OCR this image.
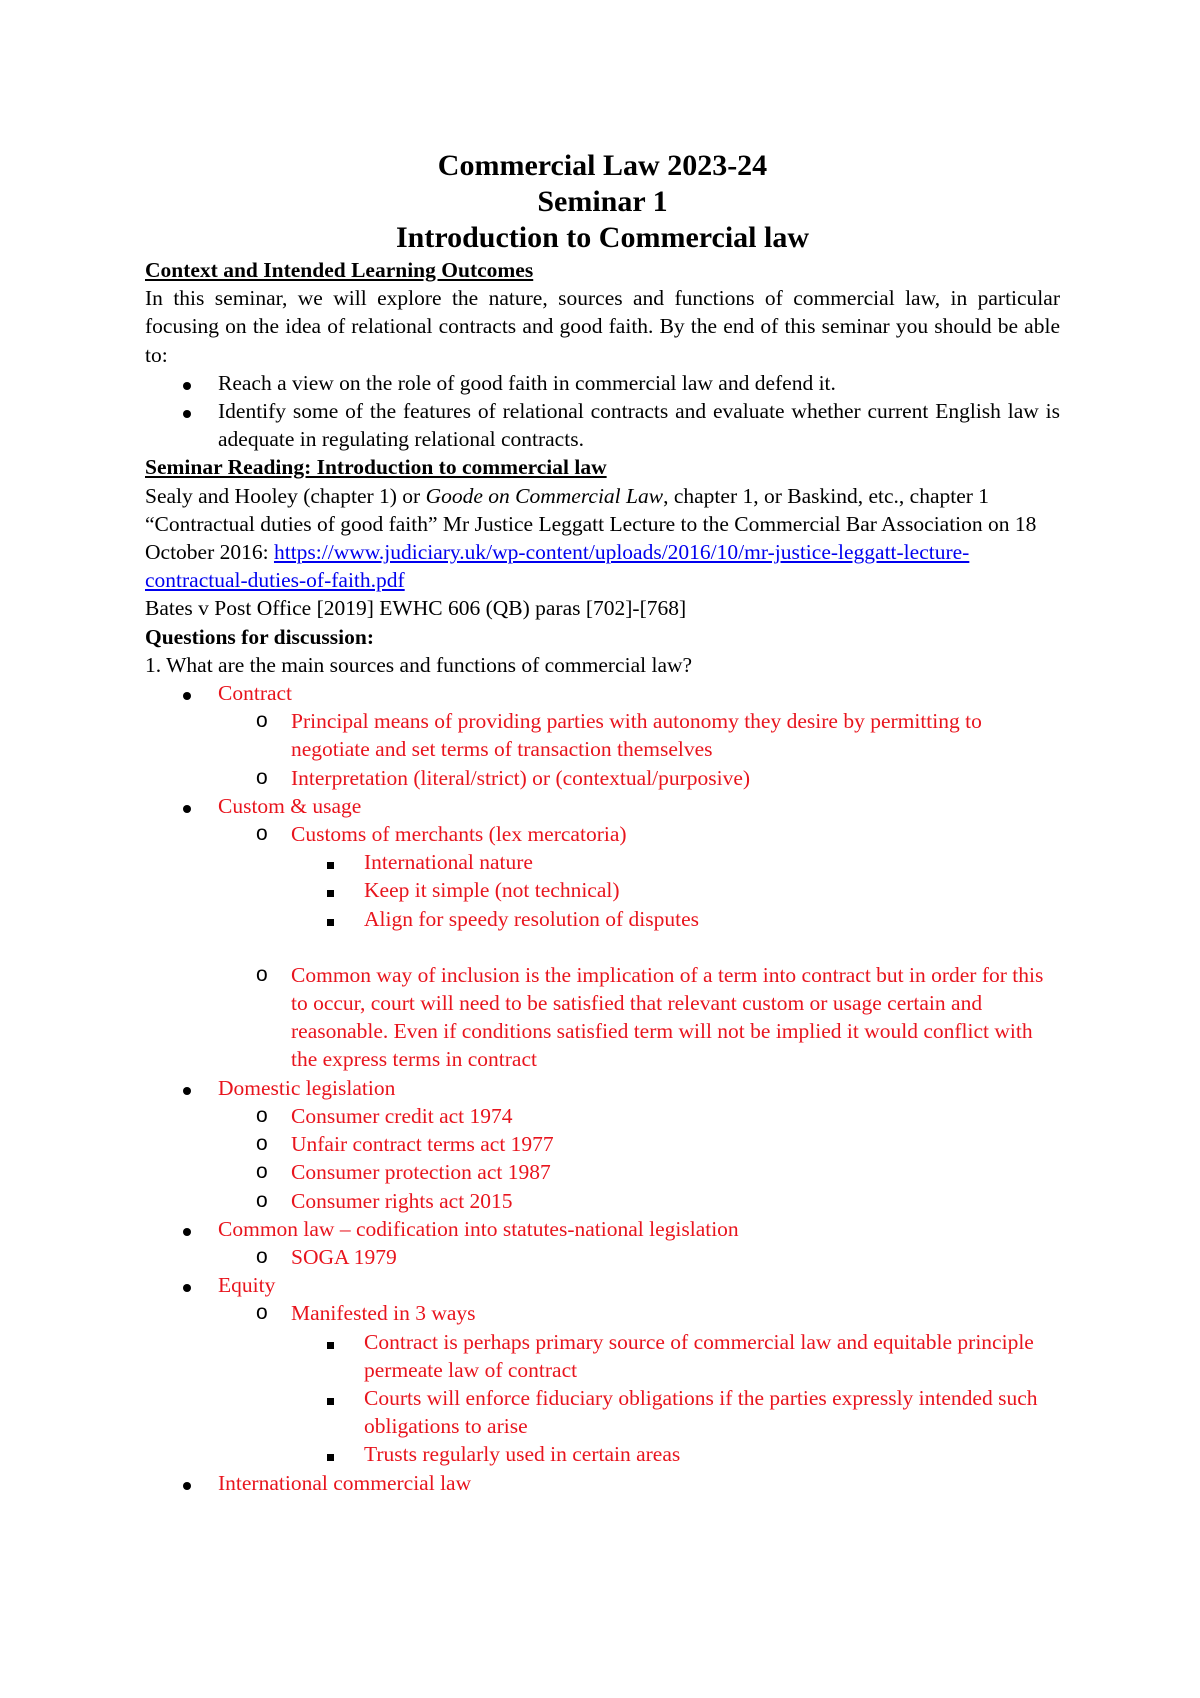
Commercial Law 2023-24
Seminar 1
Introduction to Commercial law

Context and Intended Learning Outcomes

In this seminar, we will explore the nature, sources and functions of commercial law, in particular focusing on the idea of relational contracts and good faith. By the end of this seminar you should be able to:

Reach a view on the role of good faith in commercial law and defend it.
Identify some of the features of relational contracts and evaluate whether current English law is adequate in regulating relational contracts.

Seminar Reading: Introduction to commercial law

Sealy and Hooley (chapter 1) or Goode on Commercial Law, chapter 1, or Baskind, etc., chapter 1

“Contractual duties of good faith” Mr Justice Leggatt Lecture to the Commercial Bar Association on 18 October 2016: https://www.judiciary.uk/wp-content/uploads/2016/10/mr-justice-leggatt-lecture-contractual-duties-of-faith.pdf

Bates v Post Office [2019] EWHC 606 (QB) paras [702]-[768]

Questions for discussion:

1. What are the main sources and functions of commercial law?

Contract
o Principal means of providing parties with autonomy they desire by permitting to negotiate and set terms of transaction themselves
o Interpretation (literal/strict) or (contextual/purposive)
Custom & usage
o Customs of merchants (lex mercatoria)
International nature
Keep it simple (not technical)
Align for speedy resolution of disputes
o Common way of inclusion is the implication of a term into contract but in order for this to occur, court will need to be satisfied that relevant custom or usage certain and reasonable. Even if conditions satisfied term will not be implied it would conflict with the express terms in contract
Domestic legislation
o Consumer credit act 1974
o Unfair contract terms act 1977
o Consumer protection act 1987
o Consumer rights act 2015
Common law – codification into statutes-national legislation
o SOGA 1979
Equity
o Manifested in 3 ways
Contract is perhaps primary source of commercial law and equitable principle permeate law of contract
Courts will enforce fiduciary obligations if the parties expressly intended such obligations to arise
Trusts regularly used in certain areas
International commercial law
